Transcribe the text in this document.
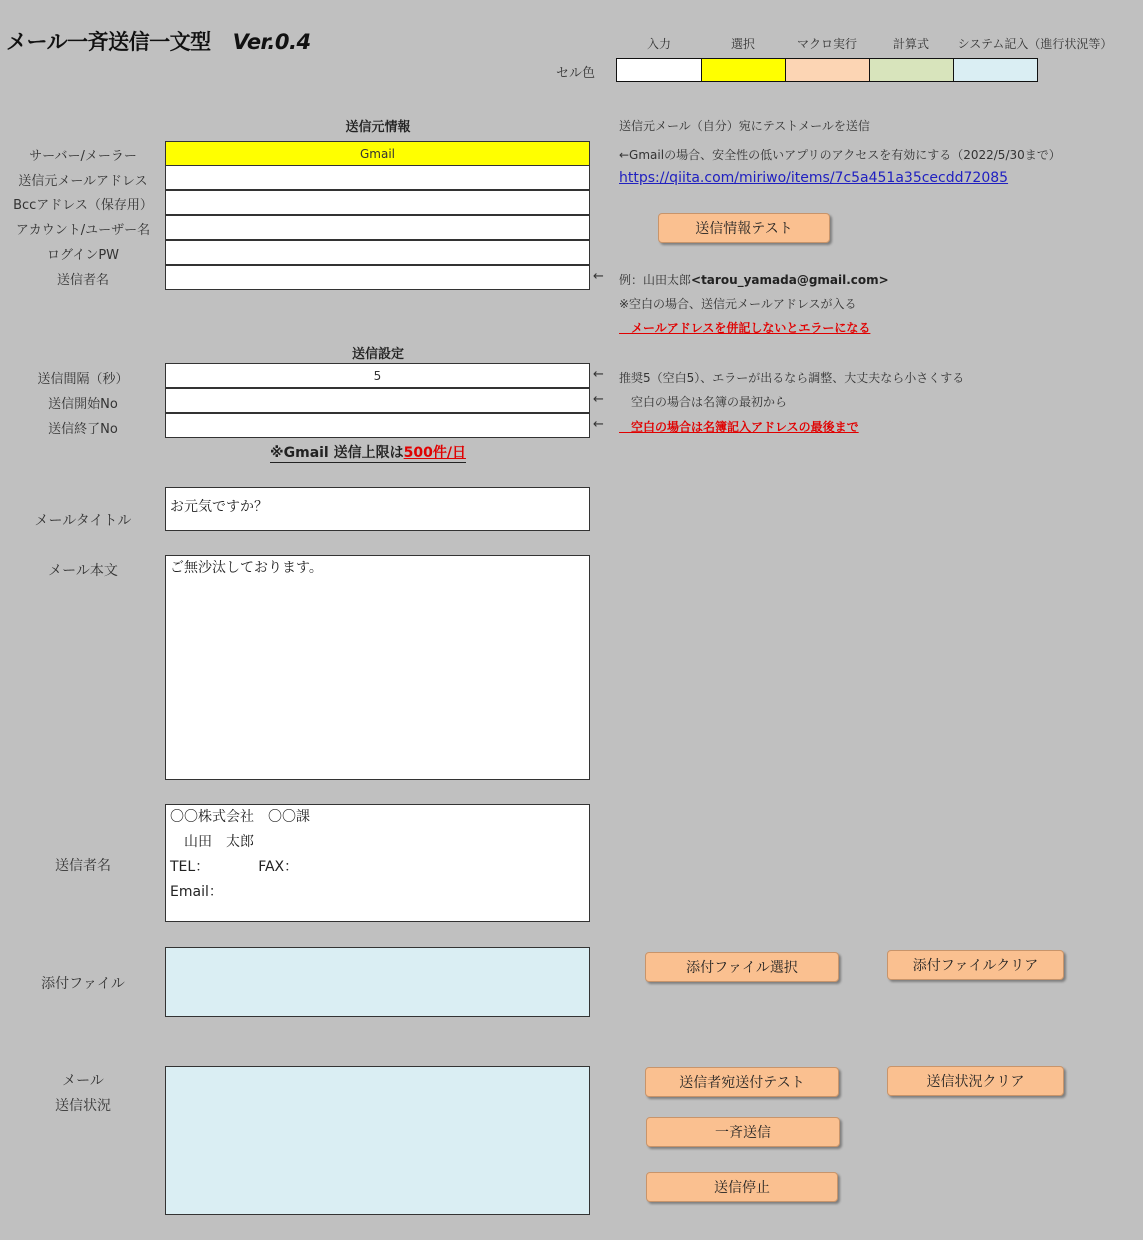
メール一斉送信一文型 Ver.0.4	入力	選択	マクロ実行	計算式	システム記入（進行状況等）
セル色
送信元情報
サーバー/メーラー	Gmail
送信元メールアドレス
Bccアドレス（保存用）
アカウント/ユーザー名
ログインPW
送信者名
送信元メール（自分）宛にテストメールを送信
←Gmailの場合、安全性の低いアプリのアクセスを有効にする（2022/5/30まで）
https://qiita.com/miriwo/items/7c5a451a35cecdd72085
送信情報テスト
← 例：山田太郎<tarou_yamada@gmail.com>
※空白の場合、送信元メールアドレスが入る
　メールアドレスを併記しないとエラーになる
送信設定
送信間隔（秒）	5	← 推奨5（空白5）、エラーが出るなら調整、大丈夫なら小さくする
送信開始No	← 　空白の場合は名簿の最初から
送信終了No	← 　空白の場合は名簿記入アドレスの最後まで
※Gmail 送信上限は500件/日
メールタイトル
お元気ですか？
メール本文	ご無沙汰しております。
送信者名
〇〇株式会社　〇〇課
　山田　太郎
TEL：　　　　FAX：
Email：
添付ファイル
添付ファイル選択	添付ファイルクリア
メール
送信状況
送信者宛送付テスト	送信状況クリア
一斉送信
送信停止
